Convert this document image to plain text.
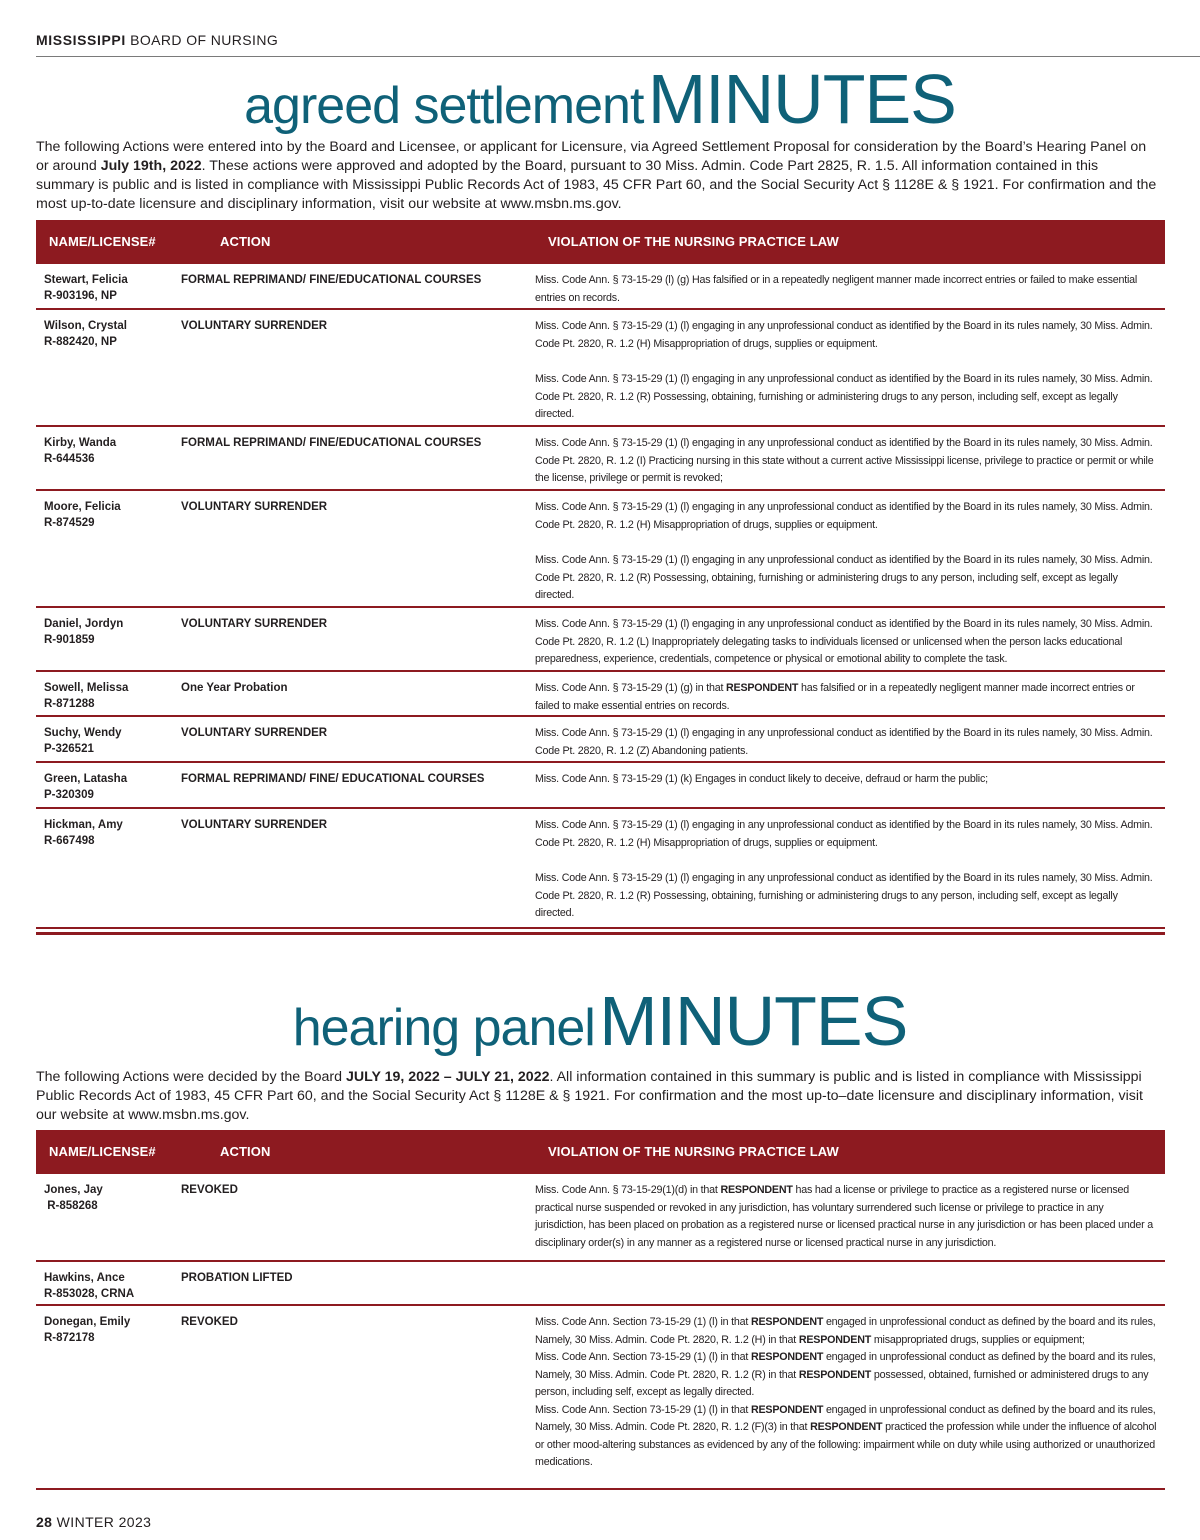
MISSISSIPPI BOARD OF NURSING
agreed settlement MINUTES
The following Actions were entered into by the Board and Licensee, or applicant for Licensure, via Agreed Settlement Proposal for consideration by the Board’s Hearing Panel on or around July 19th, 2022. These actions were approved and adopted by the Board, pursuant to 30 Miss. Admin. Code Part 2825, R. 1.5. All information contained in this summary is public and is listed in compliance with Mississippi Public Records Act of 1983, 45 CFR Part 60, and the Social Security Act § 1128E & § 1921. For confirmation and the most up-to-date licensure and disciplinary information, visit our website at www.msbn.ms.gov.
NAME/LICENSE#	ACTION	VIOLATION OF THE NURSING PRACTICE LAW
Stewart, Felicia
R-903196, NP
FORMAL REPRIMAND/ FINE/EDUCATIONAL COURSES	Miss. Code Ann. § 73-15-29 (l) (g) Has falsified or in a repeatedly negligent manner made incorrect entries or failed to make essential entries on records.

Wilson, Crystal
R-882420, NP
VOLUNTARY SURRENDER	Miss. Code Ann. § 73-15-29 (1) (l) engaging in any unprofessional conduct as identified by the Board in its rules namely, 30 Miss. Admin. Code Pt. 2820, R. 1.2 (H) Misappropriation of drugs, supplies or equipment.

Miss. Code Ann. § 73-15-29 (1) (l) engaging in any unprofessional conduct as identified by the Board in its rules namely, 30 Miss. Admin. Code Pt. 2820, R. 1.2 (R) Possessing, obtaining, furnishing or administering drugs to any person, including self, except as legally directed.

Kirby, Wanda
R-644536
FORMAL REPRIMAND/ FINE/EDUCATIONAL COURSES	Miss. Code Ann. § 73-15-29 (1) (l) engaging in any unprofessional conduct as identified by the Board in its rules namely, 30 Miss. Admin. Code Pt. 2820, R. 1.2 (I) Practicing nursing in this state without a current active Mississippi license, privilege to practice or permit or while the license, privilege or permit is revoked;

Moore, Felicia
R-874529
VOLUNTARY SURRENDER	Miss. Code Ann. § 73-15-29 (1) (l) engaging in any unprofessional conduct as identified by the Board in its rules namely, 30 Miss. Admin. Code Pt. 2820, R. 1.2 (H) Misappropriation of drugs, supplies or equipment.

Miss. Code Ann. § 73-15-29 (1) (l) engaging in any unprofessional conduct as identified by the Board in its rules namely, 30 Miss. Admin. Code Pt. 2820, R. 1.2 (R) Possessing, obtaining, furnishing or administering drugs to any person, including self, except as legally directed.

Daniel, Jordyn
R-901859
VOLUNTARY SURRENDER	Miss. Code Ann. § 73-15-29 (1) (l) engaging in any unprofessional conduct as identified by the Board in its rules namely, 30 Miss. Admin. Code Pt. 2820, R. 1.2 (L) Inappropriately delegating tasks to individuals licensed or unlicensed when the person lacks educational preparedness, experience, credentials, competence or physical or emotional ability to complete the task.

Sowell, Melissa
R-871288
One Year Probation	Miss. Code Ann. § 73-15-29 (1) (g) in that RESPONDENT has falsified or in a repeatedly negligent manner made incorrect entries or failed to make essential entries on records.

Suchy, Wendy
P-326521
VOLUNTARY SURRENDER	Miss. Code Ann. § 73-15-29 (1) (l) engaging in any unprofessional conduct as identified by the Board in its rules namely, 30 Miss. Admin. Code Pt. 2820, R. 1.2 (Z) Abandoning patients.

Green, Latasha
P-320309
FORMAL REPRIMAND/ FINE/ EDUCATIONAL COURSES	Miss. Code Ann. § 73-15-29 (1) (k) Engages in conduct likely to deceive, defraud or harm the public;

Hickman, Amy
R-667498
VOLUNTARY SURRENDER	Miss. Code Ann. § 73-15-29 (1) (l) engaging in any unprofessional conduct as identified by the Board in its rules namely, 30 Miss. Admin. Code Pt. 2820, R. 1.2 (H) Misappropriation of drugs, supplies or equipment.

Miss. Code Ann. § 73-15-29 (1) (l) engaging in any unprofessional conduct as identified by the Board in its rules namely, 30 Miss. Admin. Code Pt. 2820, R. 1.2 (R) Possessing, obtaining, furnishing or administering drugs to any person, including self, except as legally directed.

hearing panel MINUTES
The following Actions were decided by the Board JULY 19, 2022 – JULY 21, 2022. All information contained in this summary is public and is listed in compliance with Mississippi Public Records Act of 1983, 45 CFR Part 60, and the Social Security Act § 1128E & § 1921. For confirmation and the most up-to–date licensure and disciplinary information, visit our website at www.msbn.ms.gov.
NAME/LICENSE#	ACTION	VIOLATION OF THE NURSING PRACTICE LAW
Jones, Jay
R-858268
REVOKED	Miss. Code Ann. § 73-15-29(1)(d) in that RESPONDENT has had a license or privilege to practice as a registered nurse or licensed practical nurse suspended or revoked in any jurisdiction, has voluntary surrendered such license or privilege to practice in any jurisdiction, has been placed on probation as a registered nurse or licensed practical nurse in any jurisdiction or has been placed under a disciplinary order(s) in any manner as a registered nurse or licensed practical nurse in any jurisdiction.

Hawkins, Ance
R-853028, CRNA
PROBATION LIFTED
Donegan, Emily
R-872178
REVOKED	Miss. Code Ann. Section 73-15-29 (1) (l) in that RESPONDENT engaged in unprofessional conduct as defined by the board and its rules, Namely, 30 Miss. Admin. Code Pt. 2820, R. 1.2 (H) in that RESPONDENT misappropriated drugs, supplies or equipment;

Miss. Code Ann. Section 73-15-29 (1) (l) in that RESPONDENT engaged in unprofessional conduct as defined by the board and its rules, Namely, 30 Miss. Admin. Code Pt. 2820, R. 1.2 (R) in that RESPONDENT possessed, obtained, furnished or administered drugs to any person, including self, except as legally directed.

Miss. Code Ann. Section 73-15-29 (1) (l) in that RESPONDENT engaged in unprofessional conduct as defined by the board and its rules, Namely, 30 Miss. Admin. Code Pt. 2820, R. 1.2 (F)(3) in that RESPONDENT practiced the profession while under the influence of alcohol or other mood-altering substances as evidenced by any of the following: impairment while on duty while using authorized or unauthorized medications.

28 WINTER 2023
